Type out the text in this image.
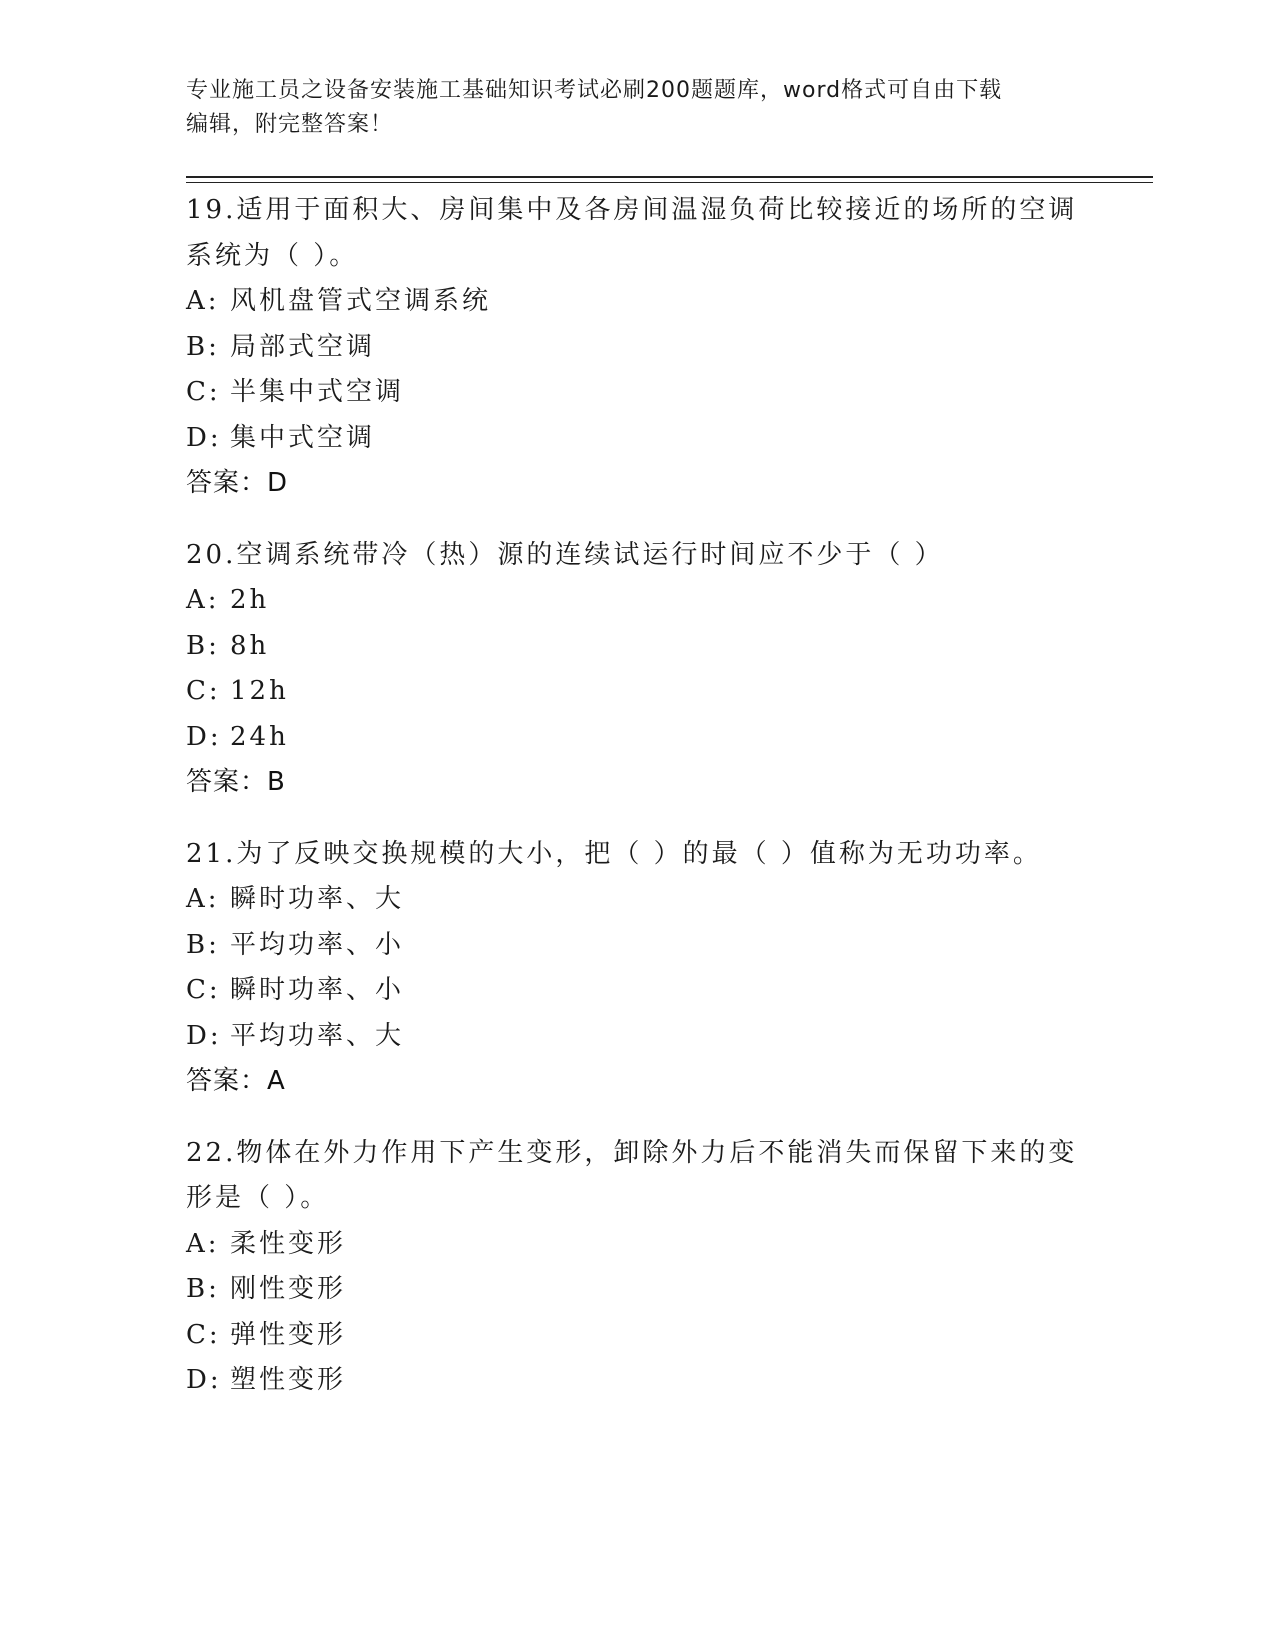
专业施工员之设备安装施工基础知识考试必刷200题题库，word格式可自由下载
编辑，附完整答案！
19.适用于面积大、房间集中及各房间温湿负荷比较接近的场所的空调
系统为（ ）。
A: 风机盘管式空调系统
B: 局部式空调
C: 半集中式空调
D: 集中式空调
答案：D
20.空调系统带冷（热）源的连续试运行时间应不少于（ ）
A: 2h
B: 8h
C: 12h
D: 24h
答案：B
21.为了反映交换规模的大小，把（ ）的最（ ）值称为无功功率。
A: 瞬时功率、大
B: 平均功率、小
C: 瞬时功率、小
D: 平均功率、大
答案：A
22.物体在外力作用下产生变形，卸除外力后不能消失而保留下来的变
形是（ ）。
A: 柔性变形
B: 刚性变形
C: 弹性变形
D: 塑性变形
